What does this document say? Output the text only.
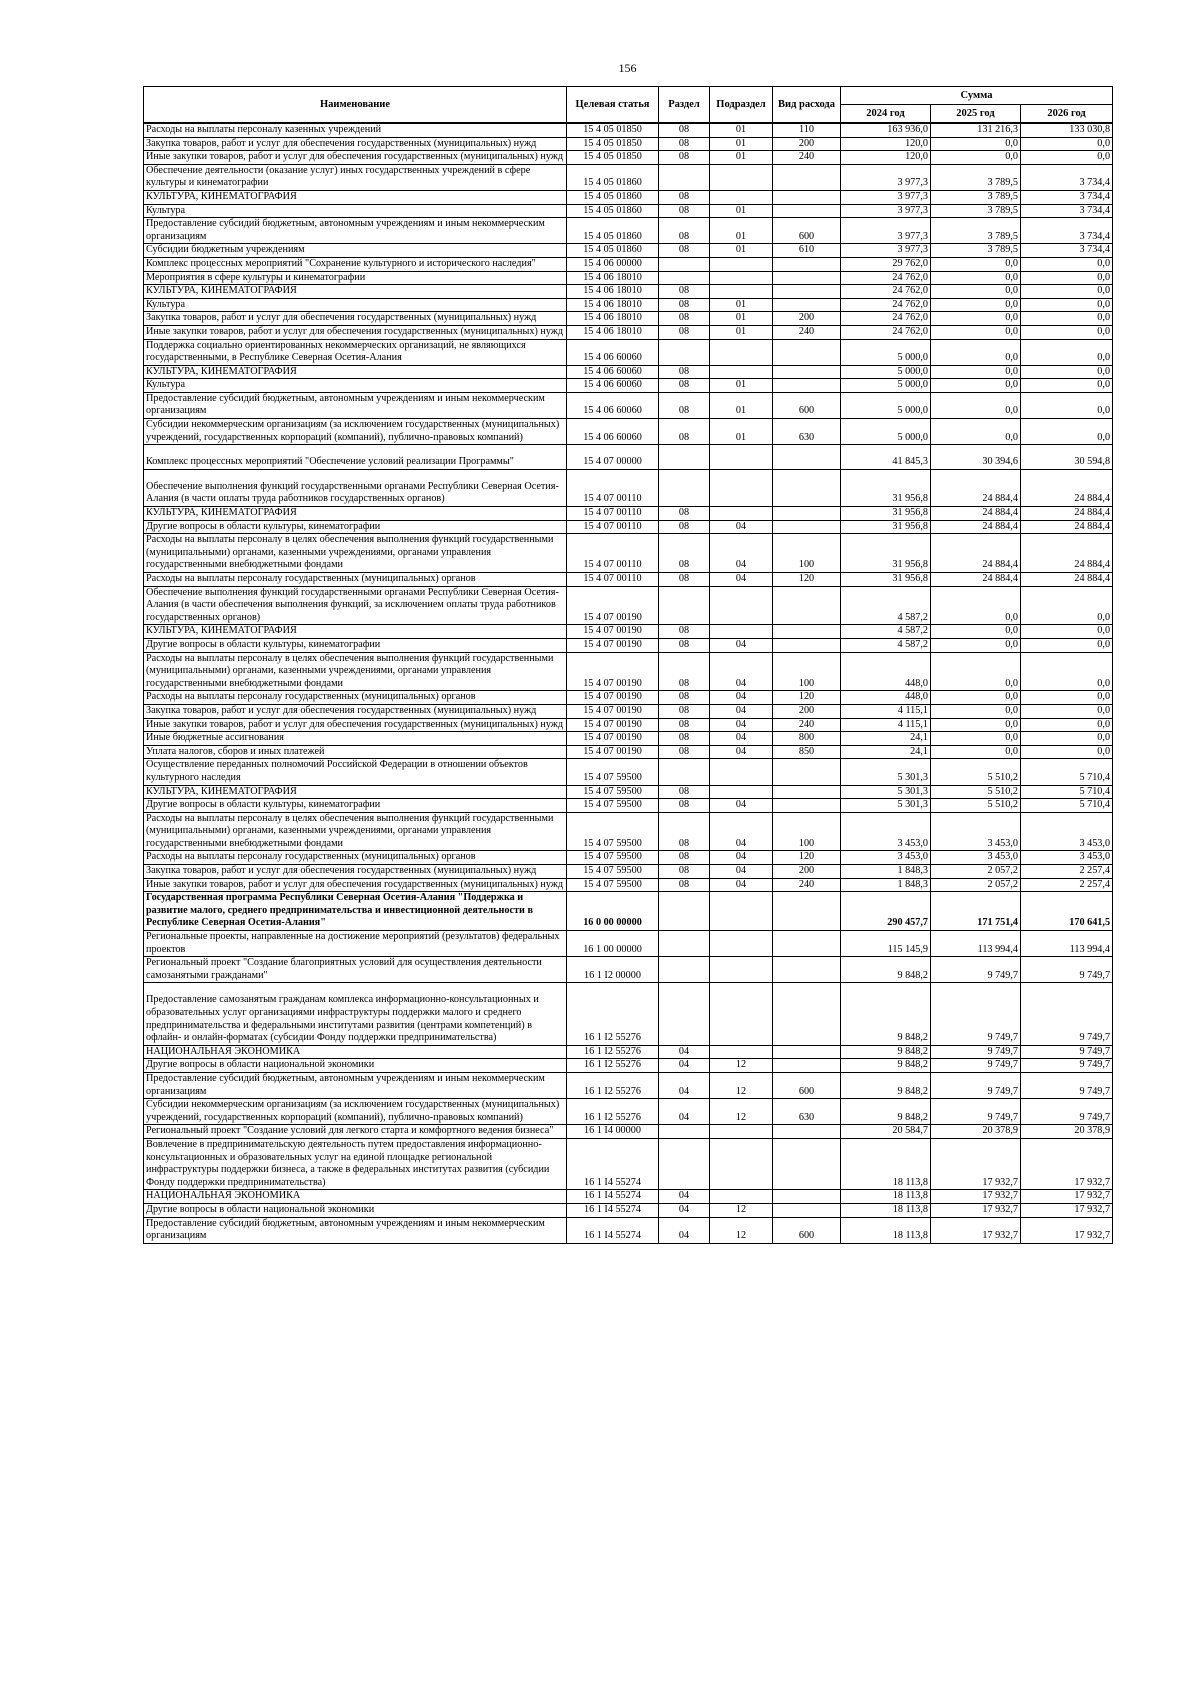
156
Наименование	Целевая статья	Раздел	Подраздел	Вид расхода	Сумма		
					2024 год	2025 год	2026 год
Расходы на выплаты персоналу казенных учреждений	15 4 05 01850	08	01	110	163 936,0	131 216,3	133 030,8
Закупка товаров, работ и услуг для обеспечения государственных (муниципальных) нужд	15 4 05 01850	08	01	200	120,0	0,0	0,0
Иные закупки товаров, работ и услуг для обеспечения государственных (муниципальных) нужд	15 4 05 01850	08	01	240	120,0	0,0	0,0
Обеспечение деятельности (оказание услуг) иных государственных учреждений в сфере культуры и кинематографии	15 4 05 01860				3 977,3	3 789,5	3 734,4
КУЛЬТУРА, КИНЕМАТОГРАФИЯ	15 4 05 01860	08			3 977,3	3 789,5	3 734,4
Культура	15 4 05 01860	08	01		3 977,3	3 789,5	3 734,4
Предоставление субсидий бюджетным, автономным учреждениям и иным некоммерческим организациям	15 4 05 01860	08	01	600	3 977,3	3 789,5	3 734,4
Субсидии бюджетным учреждениям	15 4 05 01860	08	01	610	3 977,3	3 789,5	3 734,4
Комплекс процессных мероприятий "Сохранение культурного и исторического наследия"	15 4 06 00000				29 762,0	0,0	0,0
Мероприятия в сфере культуры и кинематографии	15 4 06 18010				24 762,0	0,0	0,0
КУЛЬТУРА, КИНЕМАТОГРАФИЯ	15 4 06 18010	08			24 762,0	0,0	0,0
Культура	15 4 06 18010	08	01		24 762,0	0,0	0,0
Закупка товаров, работ и услуг для обеспечения государственных (муниципальных) нужд	15 4 06 18010	08	01	200	24 762,0	0,0	0,0
Иные закупки товаров, работ и услуг для обеспечения государственных (муниципальных) нужд	15 4 06 18010	08	01	240	24 762,0	0,0	0,0
Поддержка социально ориентированных некоммерческих организаций, не являющихся государственными, в Республике Северная Осетия-Алания	15 4 06 60060				5 000,0	0,0	0,0
КУЛЬТУРА, КИНЕМАТОГРАФИЯ	15 4 06 60060	08			5 000,0	0,0	0,0
Культура	15 4 06 60060	08	01		5 000,0	0,0	0,0
Предоставление субсидий бюджетным, автономным учреждениям и иным некоммерческим организациям	15 4 06 60060	08	01	600	5 000,0	0,0	0,0
Субсидии некоммерческим организациям (за исключением государственных (муниципальных) учреждений, государственных корпораций (компаний), публично-правовых компаний)	15 4 06 60060	08	01	630	5 000,0	0,0	0,0
Комплекс процессных мероприятий "Обеспечение условий реализации Программы"	15 4 07 00000				41 845,3	30 394,6	30 594,8
Обеспечение выполнения функций государственными органами Республики Северная Осетия-Алания (в части оплаты труда работников государственных органов)	15 4 07 00110				31 956,8	24 884,4	24 884,4
КУЛЬТУРА, КИНЕМАТОГРАФИЯ	15 4 07 00110	08			31 956,8	24 884,4	24 884,4
Другие вопросы в области культуры, кинематографии	15 4 07 00110	08	04		31 956,8	24 884,4	24 884,4
Расходы на выплаты персоналу в целях обеспечения выполнения функций государственными (муниципальными) органами, казенными учреждениями, органами управления государственными внебюджетными фондами	15 4 07 00110	08	04	100	31 956,8	24 884,4	24 884,4
Расходы на выплаты персоналу государственных (муниципальных) органов	15 4 07 00110	08	04	120	31 956,8	24 884,4	24 884,4
Обеспечение выполнения функций государственными органами Республики Северная Осетия-Алания (в части обеспечения выполнения функций, за исключением оплаты труда работников государственных органов)	15 4 07 00190				4 587,2	0,0	0,0
КУЛЬТУРА, КИНЕМАТОГРАФИЯ	15 4 07 00190	08			4 587,2	0,0	0,0
Другие вопросы в области культуры, кинематографии	15 4 07 00190	08	04		4 587,2	0,0	0,0
Расходы на выплаты персоналу в целях обеспечения выполнения функций государственными (муниципальными) органами, казенными учреждениями, органами управления государственными внебюджетными фондами	15 4 07 00190	08	04	100	448,0	0,0	0,0
Расходы на выплаты персоналу государственных (муниципальных) органов	15 4 07 00190	08	04	120	448,0	0,0	0,0
Закупка товаров, работ и услуг для обеспечения государственных (муниципальных) нужд	15 4 07 00190	08	04	200	4 115,1	0,0	0,0
Иные закупки товаров, работ и услуг для обеспечения государственных (муниципальных) нужд	15 4 07 00190	08	04	240	4 115,1	0,0	0,0
Иные бюджетные ассигнования	15 4 07 00190	08	04	800	24,1	0,0	0,0
Уплата налогов, сборов и иных платежей	15 4 07 00190	08	04	850	24,1	0,0	0,0
Осуществление переданных полномочий Российской Федерации в отношении объектов культурного наследия	15 4 07 59500				5 301,3	5 510,2	5 710,4
КУЛЬТУРА, КИНЕМАТОГРАФИЯ	15 4 07 59500	08			5 301,3	5 510,2	5 710,4
Другие вопросы в области культуры, кинематографии	15 4 07 59500	08	04		5 301,3	5 510,2	5 710,4
Расходы на выплаты персоналу в целях обеспечения выполнения функций государственными (муниципальными) органами, казенными учреждениями, органами управления государственными внебюджетными фондами	15 4 07 59500	08	04	100	3 453,0	3 453,0	3 453,0
Расходы на выплаты персоналу государственных (муниципальных) органов	15 4 07 59500	08	04	120	3 453,0	3 453,0	3 453,0
Закупка товаров, работ и услуг для обеспечения государственных (муниципальных) нужд	15 4 07 59500	08	04	200	1 848,3	2 057,2	2 257,4
Иные закупки товаров, работ и услуг для обеспечения государственных (муниципальных) нужд	15 4 07 59500	08	04	240	1 848,3	2 057,2	2 257,4
Государственная программа Республики Северная Осетия-Алания "Поддержка и развитие малого, среднего предпринимательства и инвестиционной деятельности в Республике Северная Осетия-Алания"	16 0 00 00000				290 457,7	171 751,4	170 641,5
Региональные проекты, направленные на достижение мероприятий (результатов) федеральных проектов	16 1 00 00000				115 145,9	113 994,4	113 994,4
Региональный проект "Создание благоприятных условий для осуществления деятельности самозанятыми гражданами"	16 1 I2 00000				9 848,2	9 749,7	9 749,7
Предоставление самозанятым гражданам комплекса информационно-консультационных и образовательных услуг организациями инфраструктуры поддержки малого и среднего предпринимательства и федеральными институтами развития (центрами компетенций) в офлайн- и онлайн-форматах (субсидии Фонду поддержки предпринимательства)	16 1 I2 55276				9 848,2	9 749,7	9 749,7
НАЦИОНАЛЬНАЯ ЭКОНОМИКА	16 1 I2 55276	04			9 848,2	9 749,7	9 749,7
Другие вопросы в области национальной экономики	16 1 I2 55276	04	12		9 848,2	9 749,7	9 749,7
Предоставление субсидий бюджетным, автономным учреждениям и иным некоммерческим организациям	16 1 I2 55276	04	12	600	9 848,2	9 749,7	9 749,7
Субсидии некоммерческим организациям (за исключением государственных (муниципальных) учреждений, государственных корпораций (компаний), публично-правовых компаний)	16 1 I2 55276	04	12	630	9 848,2	9 749,7	9 749,7
Региональный проект "Создание условий для легкого старта и комфортного ведения бизнеса"	16 1 I4 00000				20 584,7	20 378,9	20 378,9
Вовлечение в предпринимательскую деятельность путем предоставления информационно-консультационных и образовательных услуг на единой площадке региональной инфраструктуры поддержки бизнеса, а также в федеральных институтах развития (субсидии Фонду поддержки предпринимательства)	16 1 I4 55274				18 113,8	17 932,7	17 932,7
НАЦИОНАЛЬНАЯ ЭКОНОМИКА	16 1 I4 55274	04			18 113,8	17 932,7	17 932,7
Другие вопросы в области национальной экономики	16 1 I4 55274	04	12		18 113,8	17 932,7	17 932,7
Предоставление субсидий бюджетным, автономным учреждениям и иным некоммерческим организациям	16 1 I4 55274	04	12	600	18 113,8	17 932,7	17 932,7
